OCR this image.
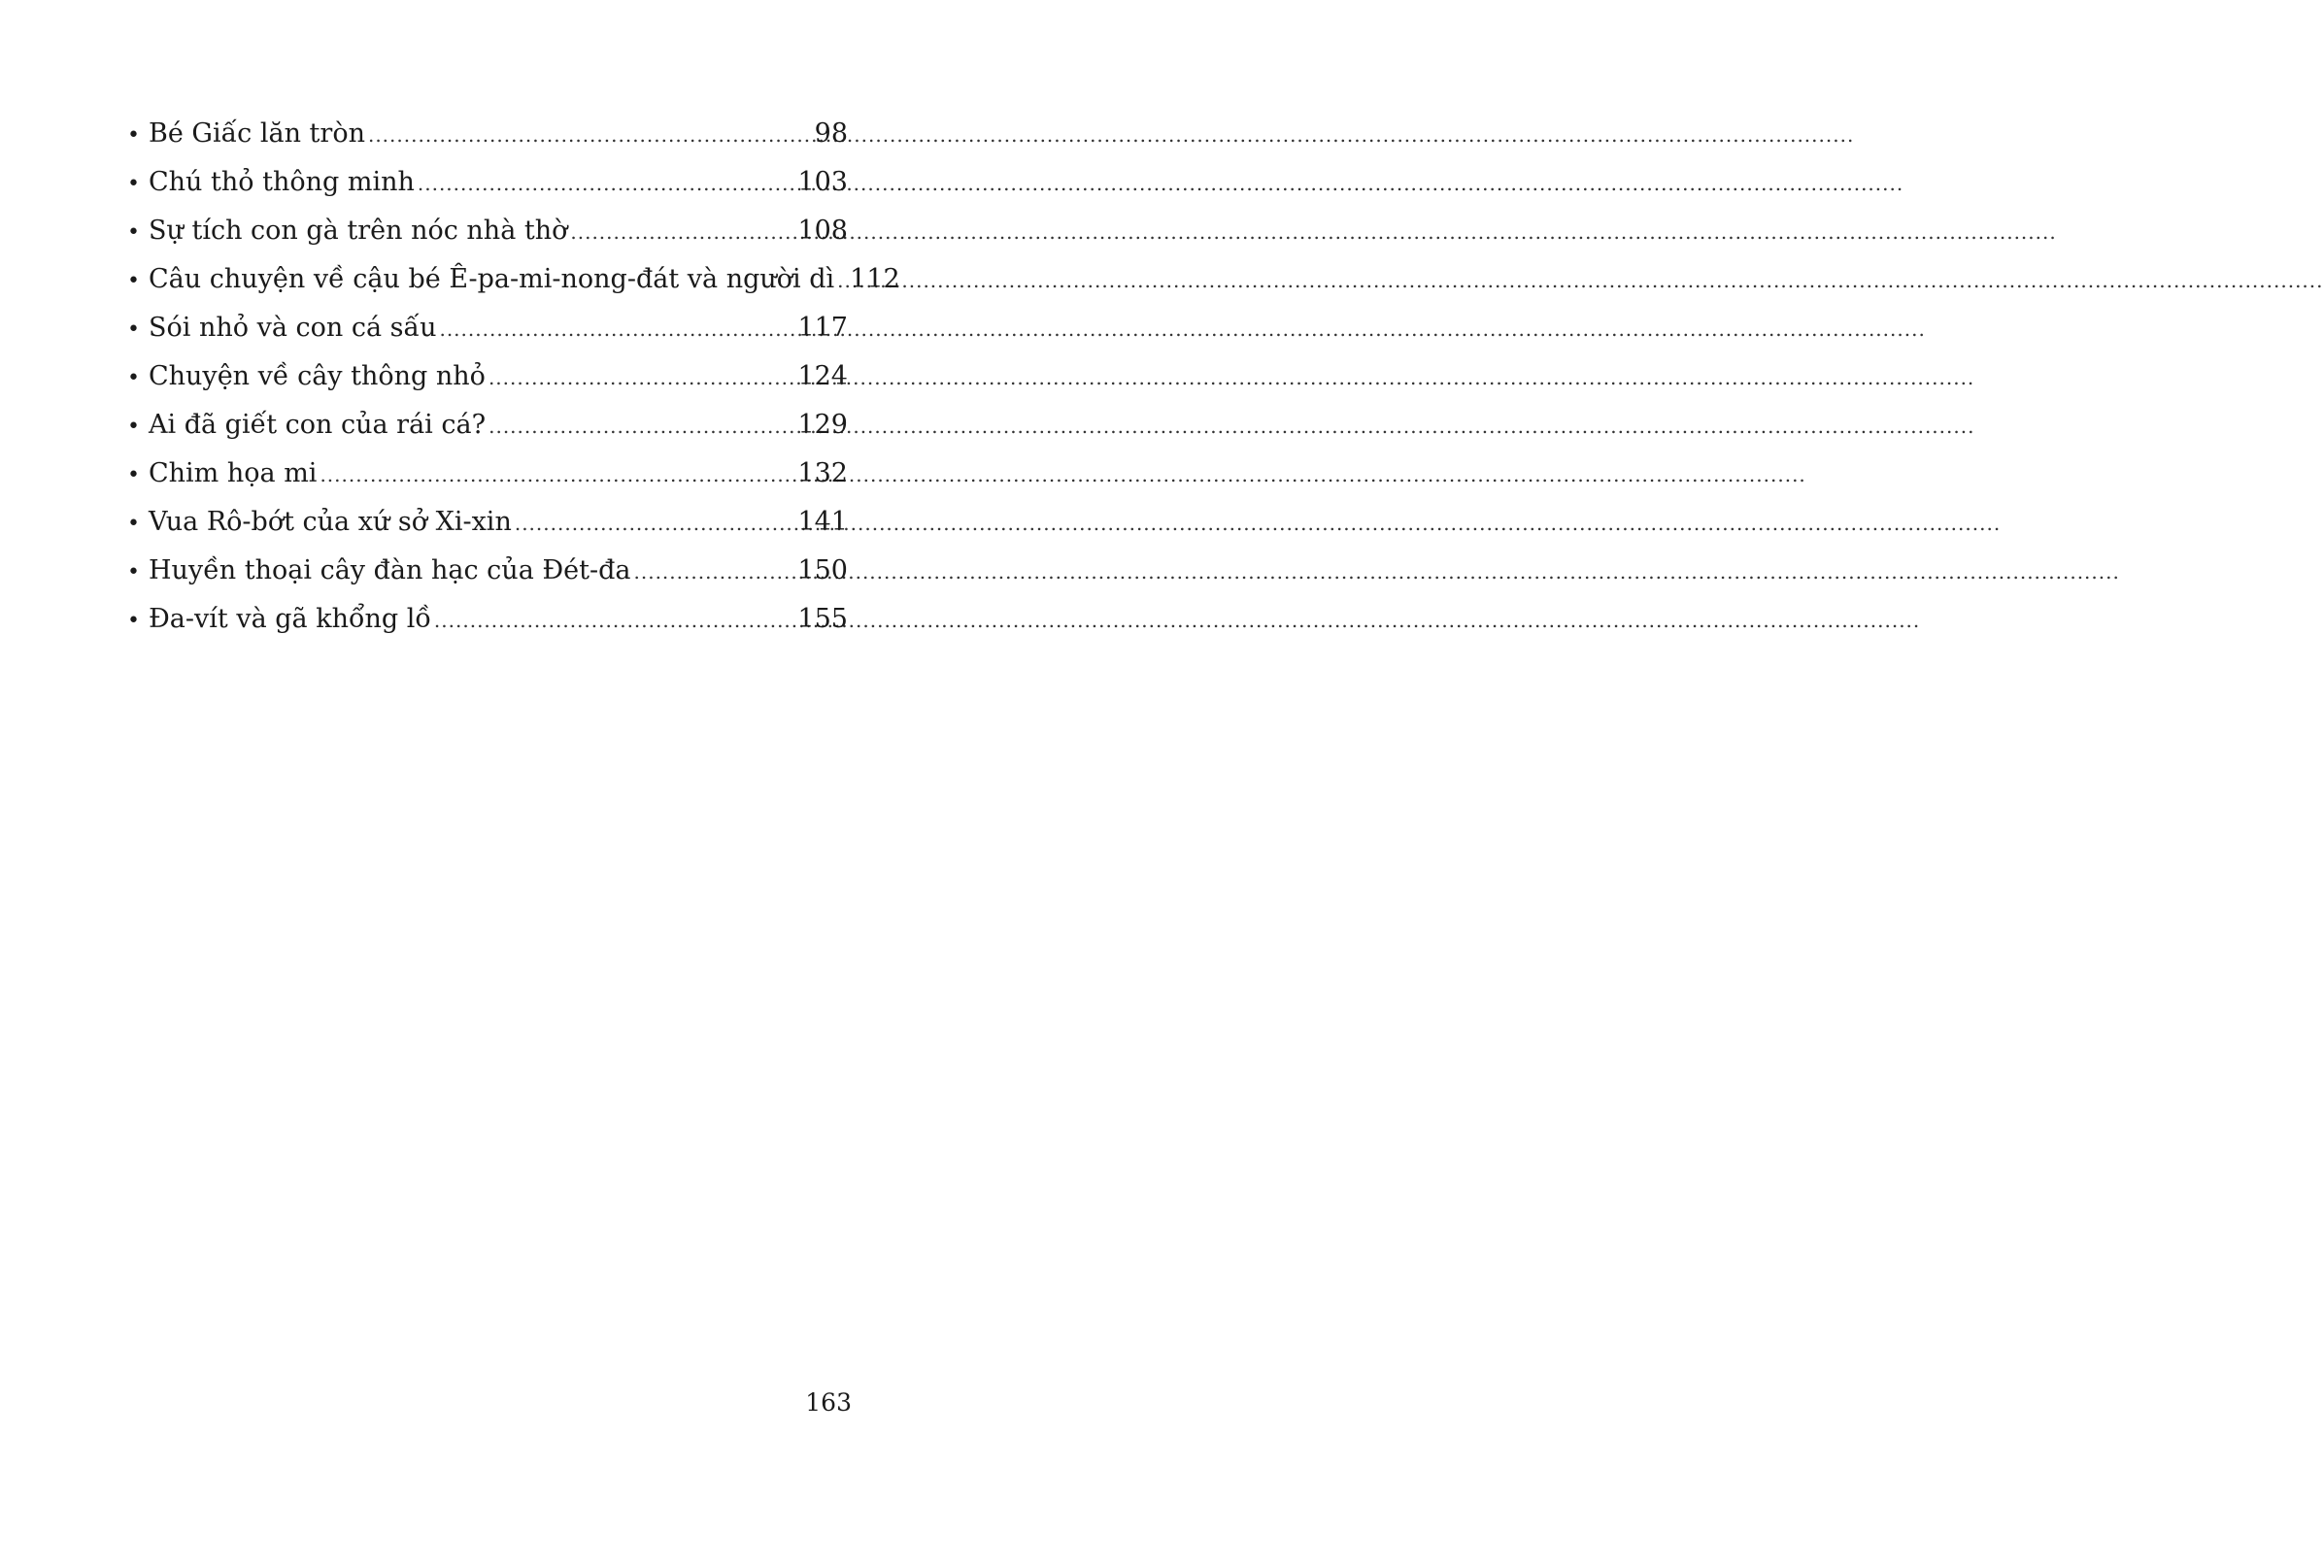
• Bé Giấc lăn tròn .....	98
• Chú thỏ thông minh .....	103
• Sự tích con gà trên nóc nhà thờ .....	108
• Câu chuyện về cậu bé Ê-pa-mi-nong-đát và người dì ..... 112
• Sói nhỏ và con cá sấu .....	117
• Chuyện về cây thông nhỏ .....	124
• Ai đã giết con của rái cá? .....	129
• Chim họa mi .....	132
• Vua Rô-bớt của xứ sở Xi-xin .....	141
• Huyền thoại cây đàn hạc của Đét-đa .....	150
• Đa-vít và gã khổng lồ .....	155
163
